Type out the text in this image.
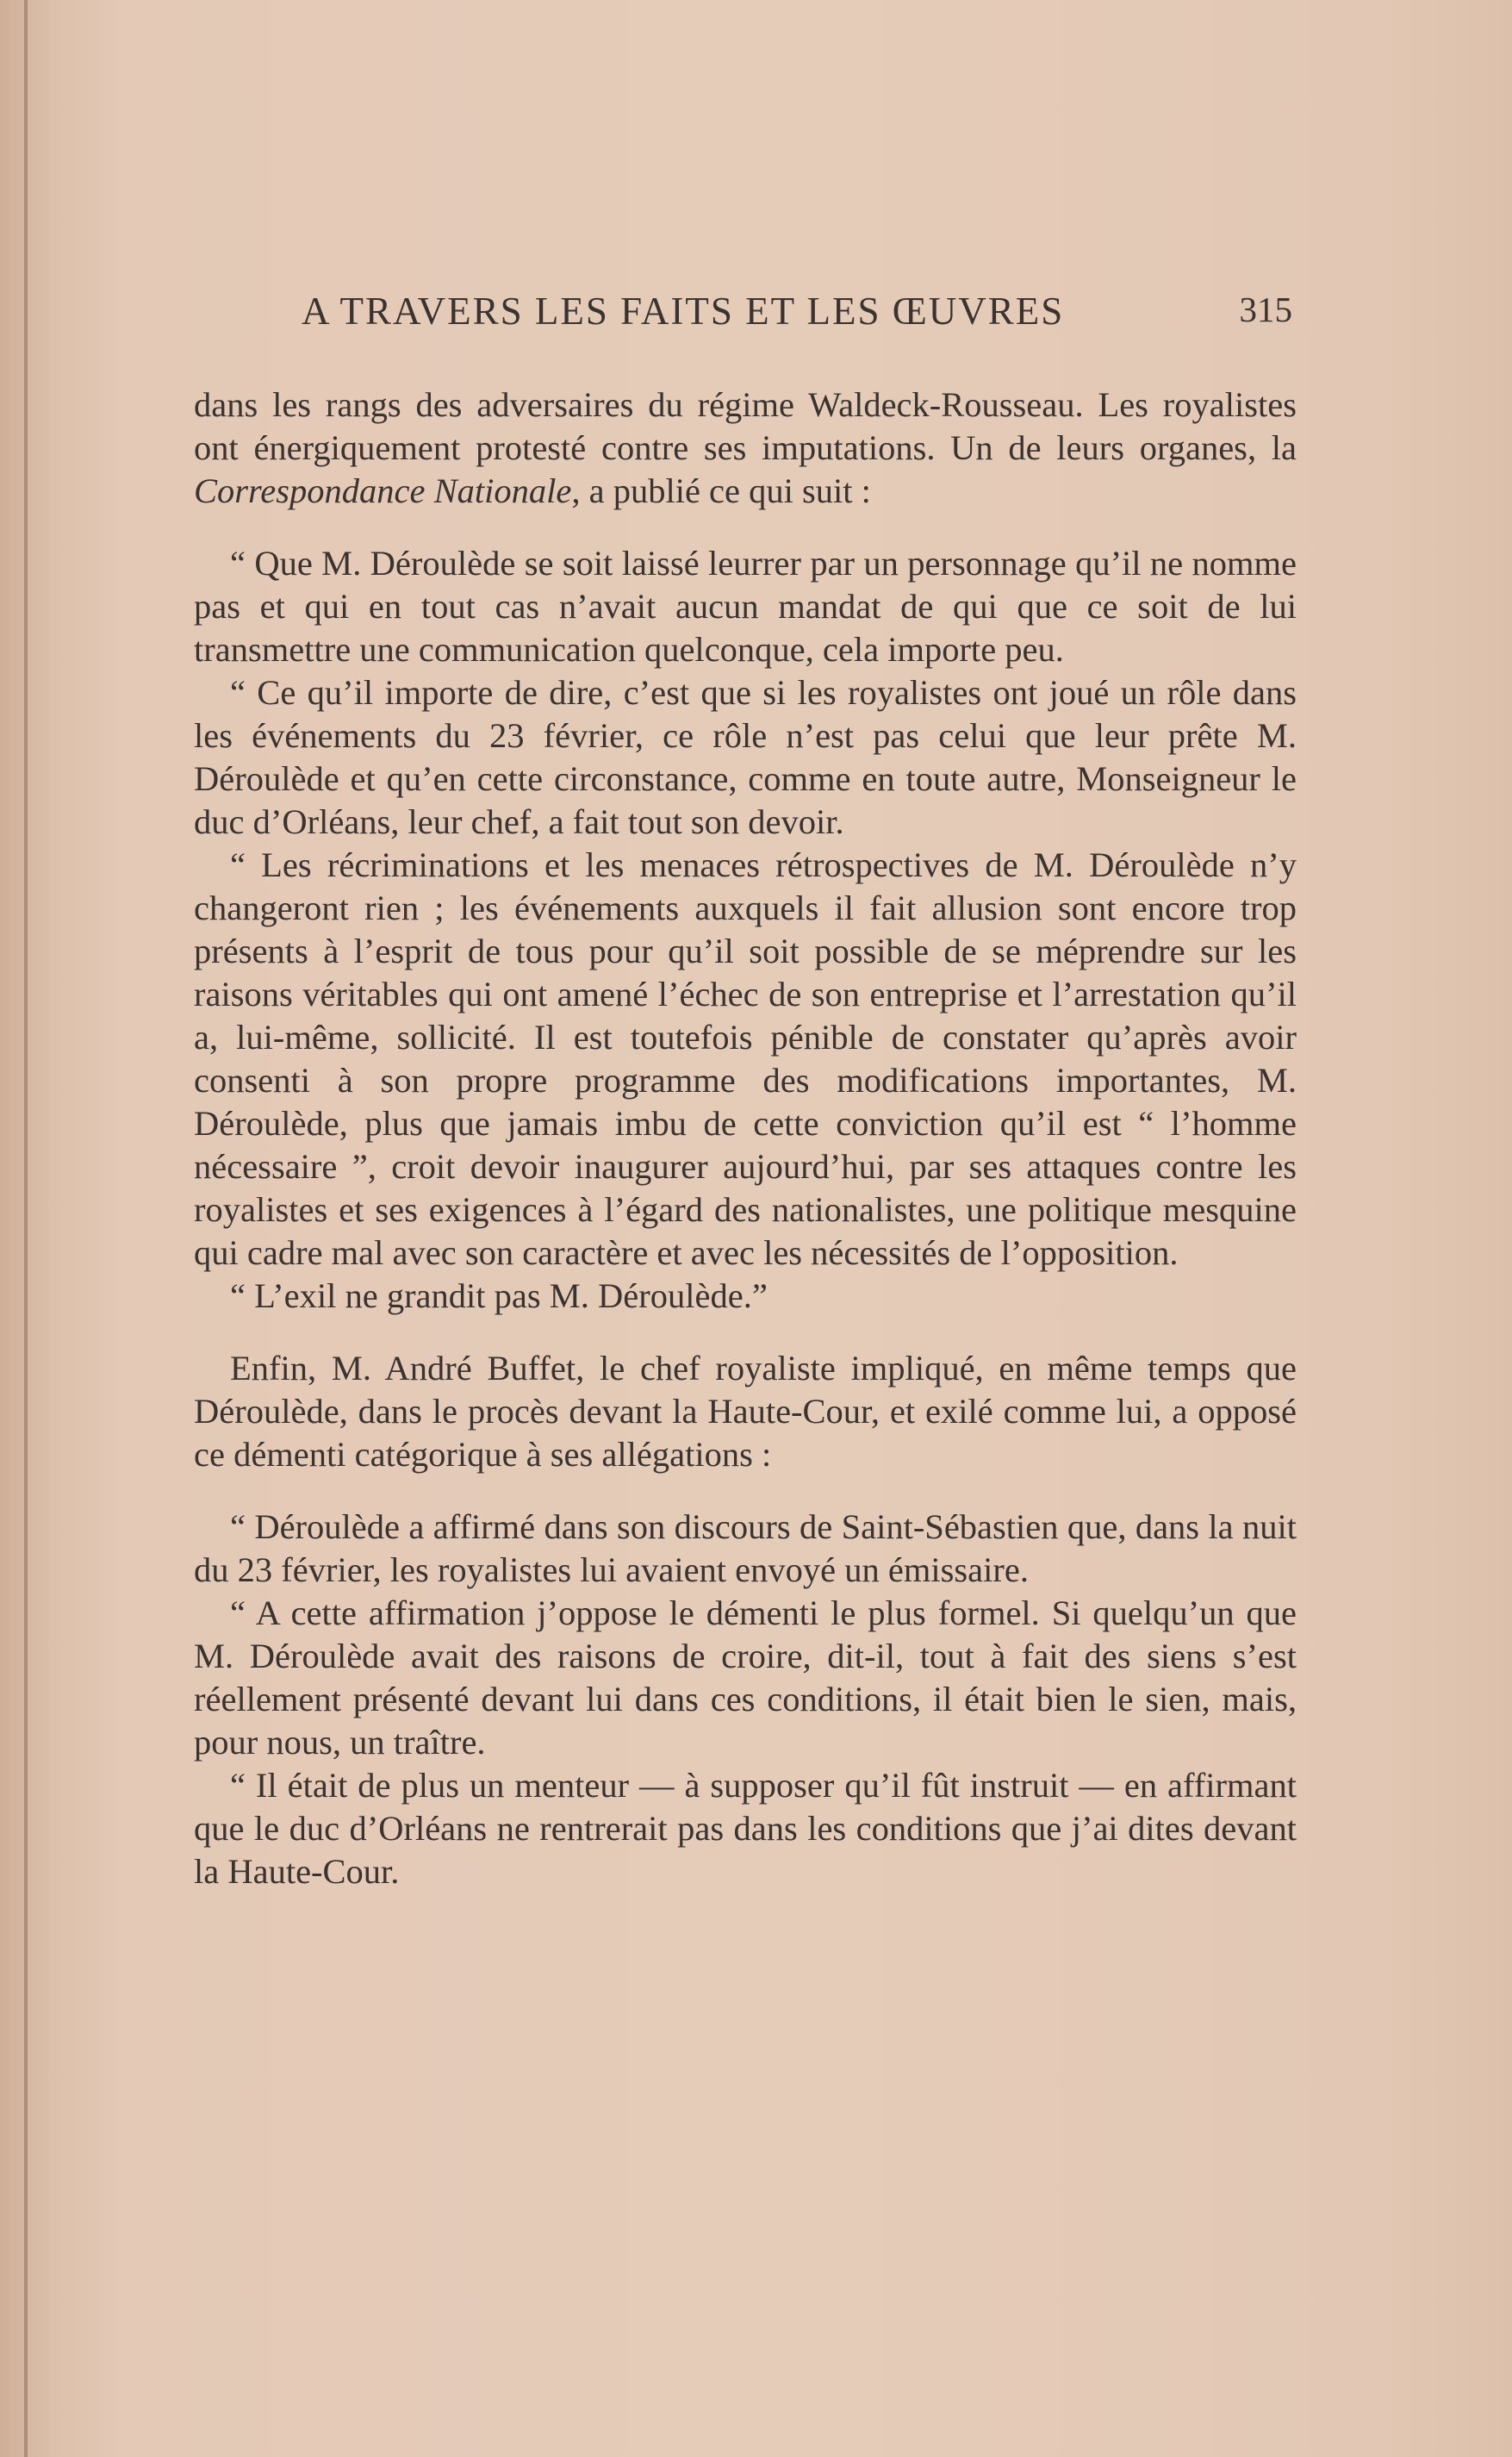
A TRAVERS LES FAITS ET LES ŒUVRES	315

dans les rangs des adversaires du régime Waldeck-Rousseau. Les royalistes ont énergiquement protesté contre ses imputations. Un de leurs organes, la Correspondance Nationale, a publié ce qui suit :

“ Que M. Déroulède se soit laissé leurrer par un personnage qu’il ne nomme pas et qui en tout cas n’avait aucun mandat de qui que ce soit de lui transmettre une communication quelconque, cela importe peu.

“ Ce qu’il importe de dire, c’est que si les royalistes ont joué un rôle dans les événements du 23 février, ce rôle n’est pas celui que leur prête M. Déroulède et qu’en cette circonstance, comme en toute autre, Monseigneur le duc d’Orléans, leur chef, a fait tout son devoir.

“ Les récriminations et les menaces rétrospectives de M. Déroulède n’y changeront rien ; les événements auxquels il fait allusion sont encore trop présents à l’esprit de tous pour qu’il soit possible de se méprendre sur les raisons véritables qui ont amené l’échec de son entreprise et l’arrestation qu’il a, lui-même, sollicité. Il est toutefois pénible de constater qu’après avoir consenti à son propre programme des modifications importantes, M. Déroulède, plus que jamais imbu de cette conviction qu’il est “ l’homme nécessaire ”, croit devoir inaugurer aujourd’hui, par ses attaques contre les royalistes et ses exigences à l’égard des nationalistes, une politique mesquine qui cadre mal avec son caractère et avec les nécessités de l’opposition.

“ L’exil ne grandit pas M. Déroulède.”

Enfin, M. André Buffet, le chef royaliste impliqué, en même temps que Déroulède, dans le procès devant la Haute-Cour, et exilé comme lui, a opposé ce démenti catégorique à ses allégations :

“ Déroulède a affirmé dans son discours de Saint-Sébastien que, dans la nuit du 23 février, les royalistes lui avaient envoyé un émissaire.

“ A cette affirmation j’oppose le démenti le plus formel. Si quelqu’un que M. Déroulède avait des raisons de croire, dit-il, tout à fait des siens s’est réellement présenté devant lui dans ces conditions, il était bien le sien, mais, pour nous, un traître.

“ Il était de plus un menteur — à supposer qu’il fût instruit — en affirmant que le duc d’Orléans ne rentrerait pas dans les conditions que j’ai dites devant la Haute-Cour.
